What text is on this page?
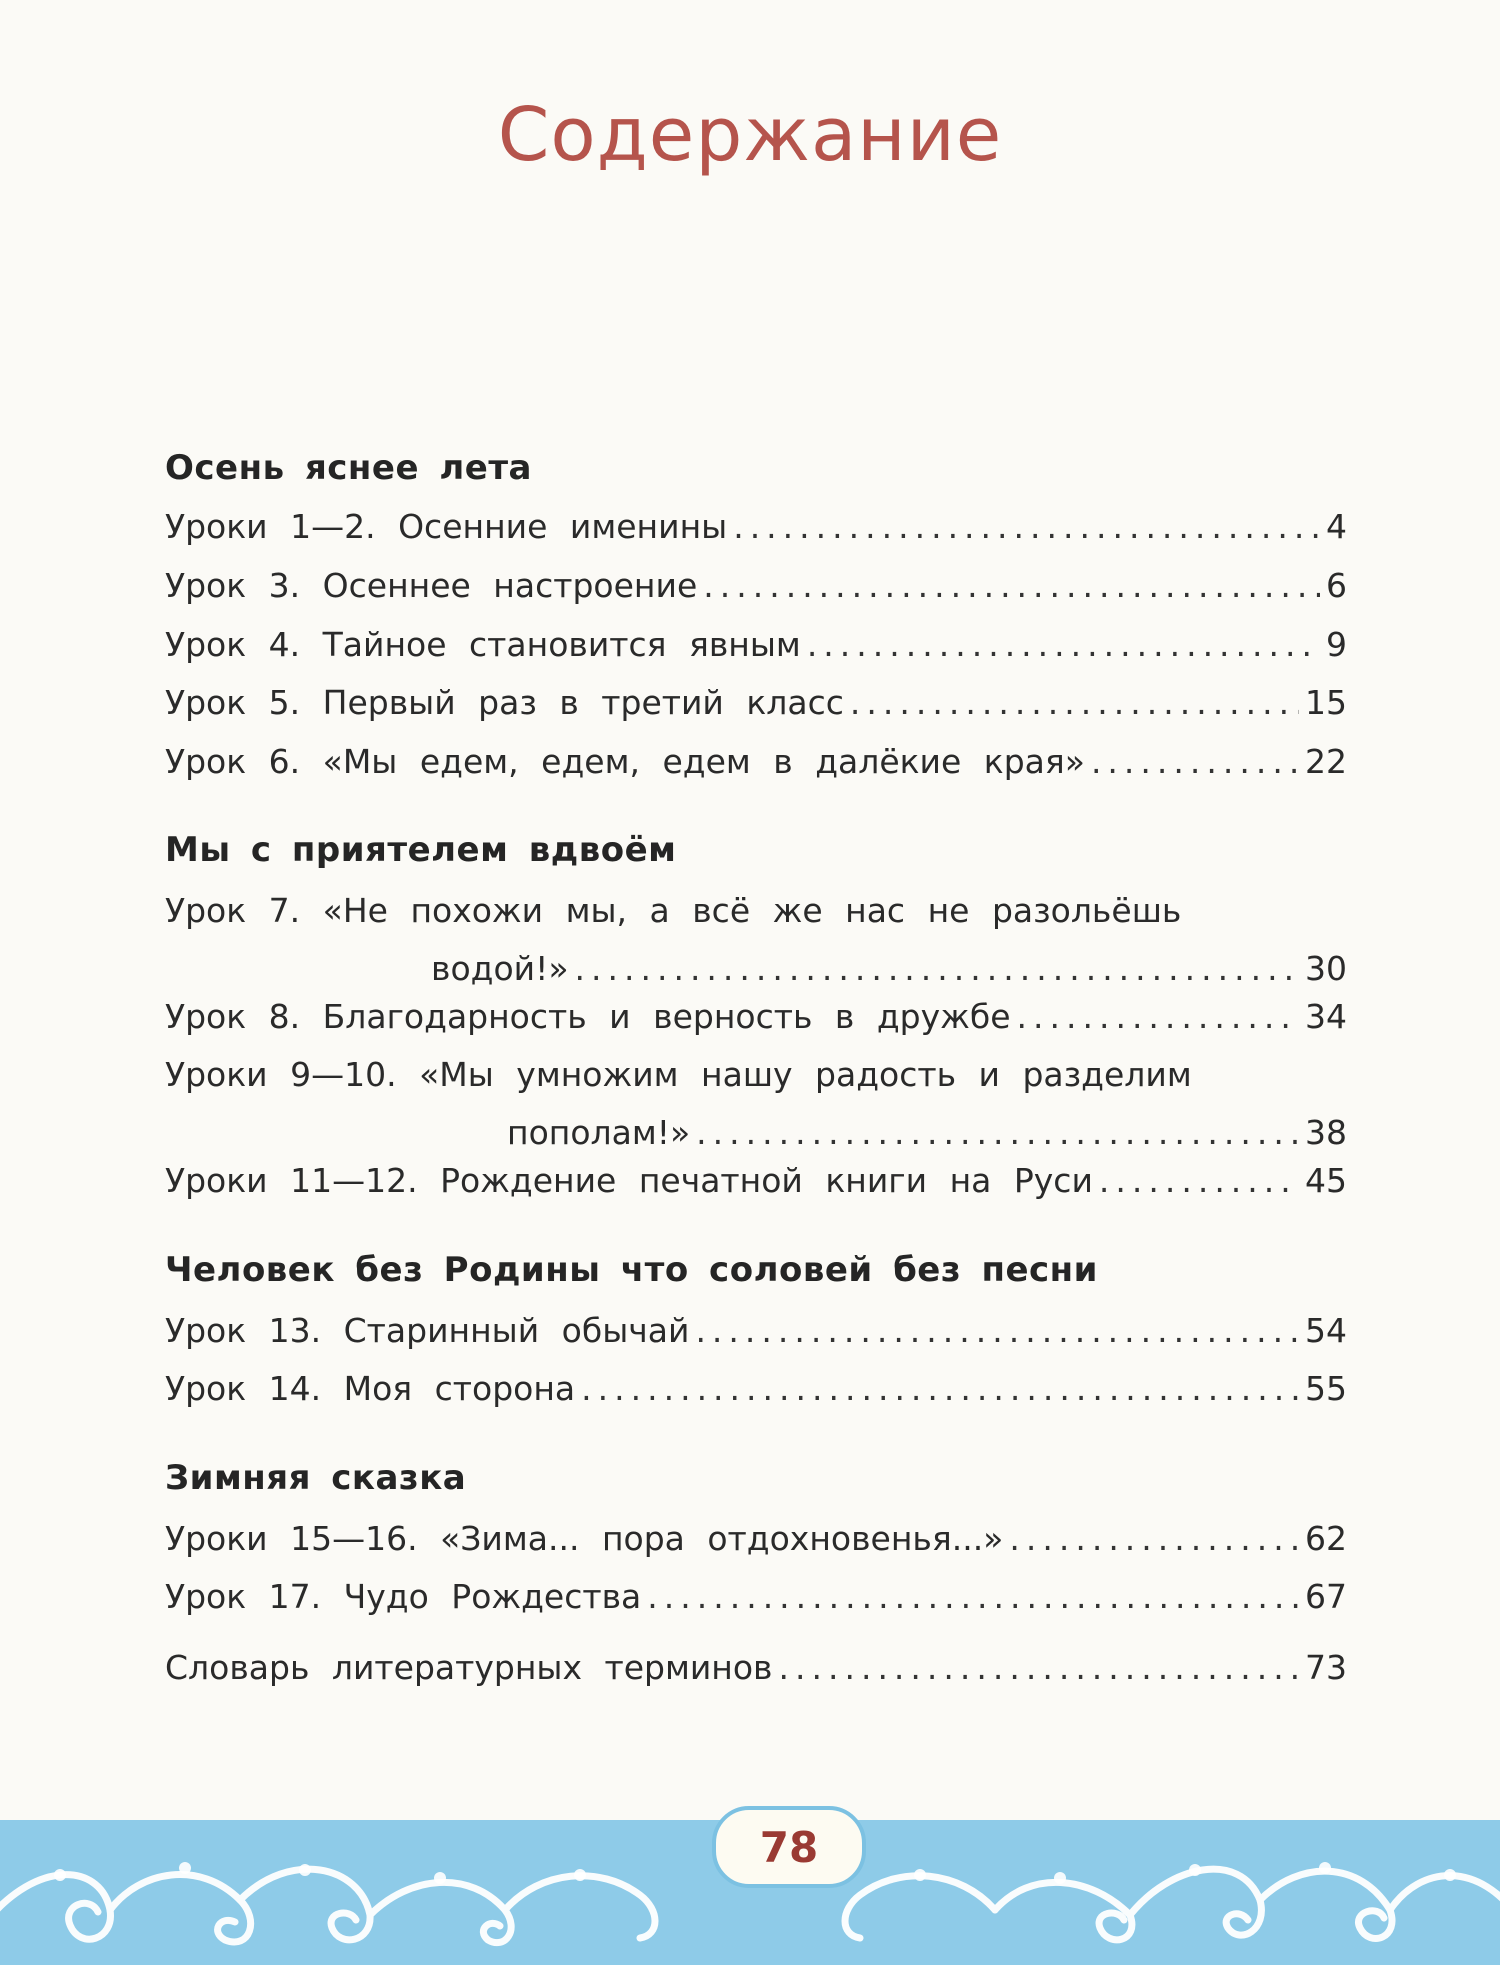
Содержание
Осень яснее лета
Уроки 1—2. Осенние именины .....	4
Урок 3. Осеннее настроение .....	6
Урок 4. Тайное становится явным .....	9
Урок 5. Первый раз в третий класс .....	15
Урок 6. «Мы едем, едем, едем в далёкие края» .....	22
Мы с приятелем вдвоём
Урок 7. «Не похожи мы, а всё же нас не разольёшь
водой!» .....	30
Урок 8. Благодарность и верность в дружбе .....	34
Уроки 9—10. «Мы умножим нашу радость и разделим
пополам!» .....	38
Уроки 11—12. Рождение печатной книги на Руси .....	45
Человек без Родины что соловей без песни
Урок 13. Старинный обычай .....	54
Урок 14. Моя сторона .....	55
Зимняя сказка
Уроки 15—16. «Зима... пора отдохновенья...» .....	62
Урок 17. Чудо Рождества .....	67
Словарь литературных терминов .....	73
78
